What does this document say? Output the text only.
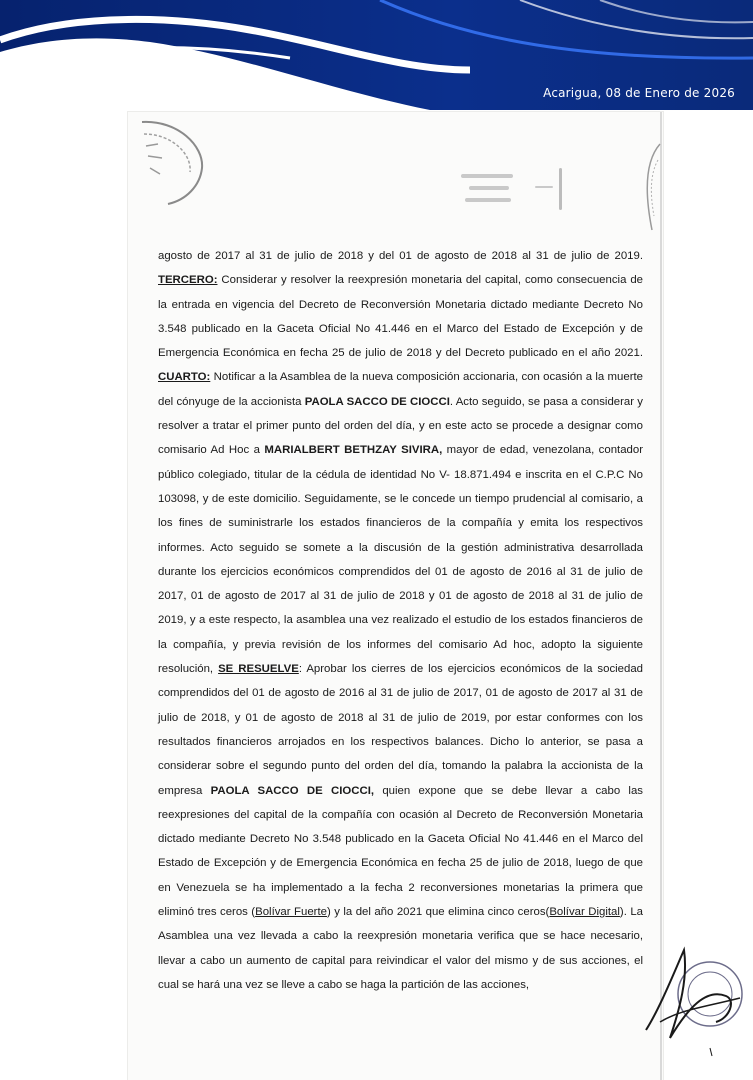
Acarigua, 08 de Enero de 2026

agosto de 2017 al 31 de julio de 2018 y del 01 de agosto de 2018 al 31 de julio de 2019. TERCERO: Considerar y resolver la reexpresión monetaria del capital, como consecuencia de la entrada en vigencia del Decreto de Reconversión Monetaria dictado mediante Decreto No 3.548 publicado en la Gaceta Oficial No 41.446 en el Marco del Estado de Excepción y de Emergencia Económica en fecha 25 de julio de 2018 y del Decreto publicado en el año 2021. CUARTO: Notificar a la Asamblea de la nueva composición accionaria, con ocasión a la muerte del cónyuge de la accionista PAOLA SACCO DE CIOCCI. Acto seguido, se pasa a considerar y resolver a tratar el primer punto del orden del día, y en este acto se procede a designar como comisario Ad Hoc a MARIALBERT BETHZAY SIVIRA, mayor de edad, venezolana, contador público colegiado, titular de la cédula de identidad No V- 18.871.494 e inscrita en el C.P.C No 103098, y de este domicilio. Seguidamente, se le concede un tiempo prudencial al comisario, a los fines de suministrarle los estados financieros de la compañía y emita los respectivos informes. Acto seguido se somete a la discusión de la gestión administrativa desarrollada durante los ejercicios económicos comprendidos del 01 de agosto de 2016 al 31 de julio de 2017, 01 de agosto de 2017 al 31 de julio de 2018 y 01 de agosto de 2018 al 31 de julio de 2019, y a este respecto, la asamblea una vez realizado el estudio de los estados financieros de la compañía, y previa revisión de los informes del comisario Ad hoc, adopto la siguiente resolución, SE RESUELVE: Aprobar los cierres de los ejercicios económicos de la sociedad comprendidos del 01 de agosto de 2016 al 31 de julio de 2017, 01 de agosto de 2017 al 31 de julio de 2018, y 01 de agosto de 2018 al 31 de julio de 2019, por estar conformes con los resultados financieros arrojados en los respectivos balances. Dicho lo anterior, se pasa a considerar sobre el segundo punto del orden del día, tomando la palabra la accionista de la empresa PAOLA SACCO DE CIOCCI, quien expone que se debe llevar a cabo las reexpresiones del capital de la compañía con ocasión al Decreto de Reconversión Monetaria dictado mediante Decreto No 3.548 publicado en la Gaceta Oficial No 41.446 en el Marco del Estado de Excepción y de Emergencia Económica en fecha 25 de julio de 2018, luego de que en Venezuela se ha implementado a la fecha 2 reconversiones monetarias la primera que eliminó tres ceros (Bolívar Fuerte) y la del año 2021 que elimina cinco ceros(Bolívar Digital). La Asamblea una vez llevada a cabo la reexpresión monetaria verifica que se hace necesario, llevar a cabo un aumento de capital para reivindicar el valor del mismo y de sus acciones, el cual se hará una vez se lleve a cabo se haga la partición de las acciones,
